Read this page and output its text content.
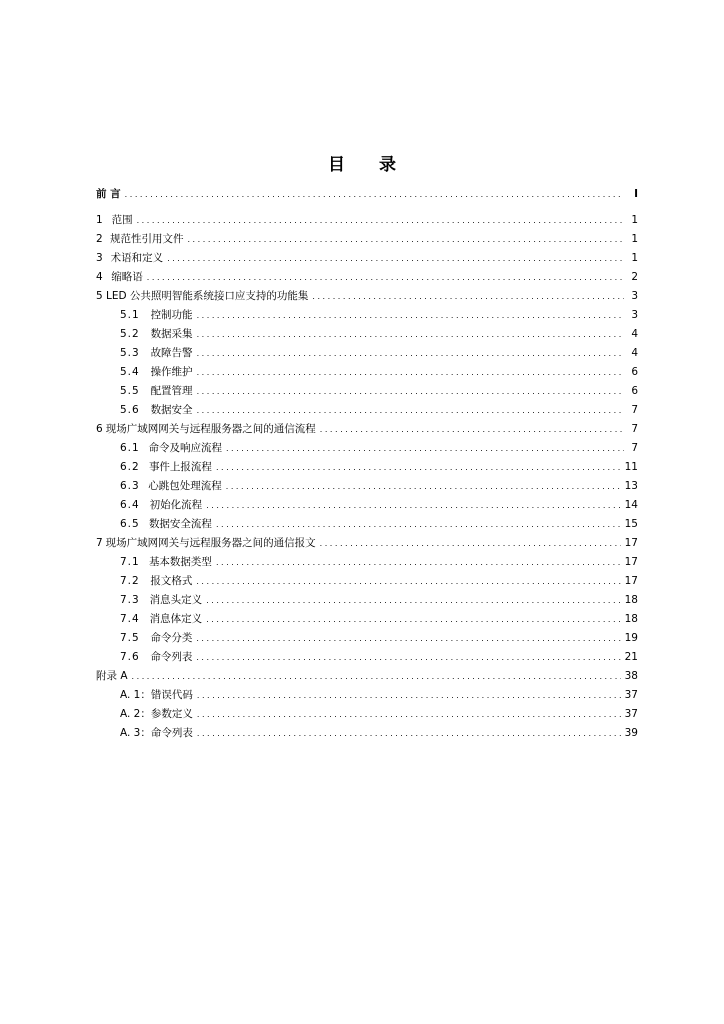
目 录
前 言 . . .	I
1 范围 . . .	1
2 规范性引用文件 . . .	1
3 术语和定义 . . .	1
4 缩略语 . . .	2
5 LED 公共照明智能系统接口应支持的功能集 . . .	3
5.1	控制功能 . . .	3
5.2	数据采集 . . .	4
5.3	故障告警 . . .	4
5.4	操作维护 . . .	6
5.5	配置管理 . . .	6
5.6	数据安全 . . .	7
6 现场广域网网关与远程服务器之间的通信流程 . . .	7
6.1 命令及响应流程 . . .	7
6.2 事件上报流程 . . .	11
6.3 心跳包处理流程 . . .	13
6.4 初始化流程 . . .	14
6.5 数据安全流程 . . .	15
7 现场广域网网关与远程服务器之间的通信报文 . . .	17
7.1 基本数据类型 . . .	17
7.2	报文格式 . . .	17
7.3 消息头定义 . . .	18
7.4 消息体定义 . . .	18
7.5	命令分类 . . .	19
7.6	命令列表 . . .	21
附录 A . . .	38
A. 1：错误代码 . . .	37
A. 2：参数定义 . . .	37
A. 3：命令列表 . . .	39
